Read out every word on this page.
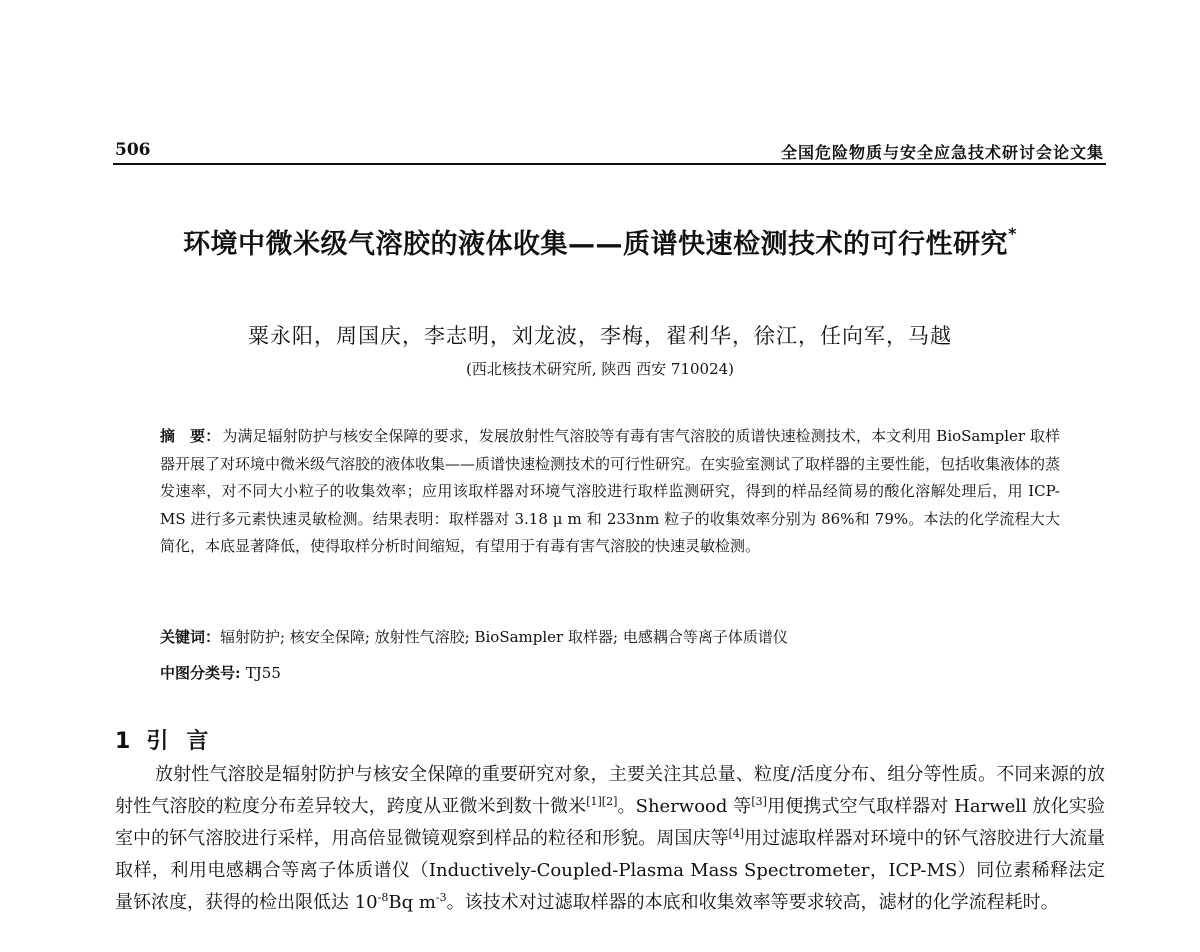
506	全国危险物质与安全应急技术研讨会论文集
环境中微米级气溶胶的液体收集——质谱快速检测技术的可行性研究*
粟永阳，周国庆，李志明，刘龙波，李梅，翟利华，徐江，任向军，马越
(西北核技术研究所, 陕西 西安 710024)
摘　要： 为满足辐射防护与核安全保障的要求，发展放射性气溶胶等有毒有害气溶胶的质谱快速检测技术，本文利用 BioSampler 取样器开展了对环境中微米级气溶胶的液体收集——质谱快速检测技术的可行性研究。在实验室测试了取样器的主要性能，包括收集液体的蒸发速率，对不同大小粒子的收集效率；应用该取样器对环境气溶胶进行取样监测研究，得到的样品经简易的酸化溶解处理后，用 ICP-MS 进行多元素快速灵敏检测。结果表明：取样器对 3.18 μ m 和 233nm 粒子的收集效率分别为 86%和 79%。本法的化学流程大大简化，本底显著降低，使得取样分析时间缩短，有望用于有毒有害气溶胶的快速灵敏检测。
关键词：辐射防护; 核安全保障; 放射性气溶胶; BioSampler 取样器; 电感耦合等离子体质谱仪
中图分类号: TJ55
1 引言
放射性气溶胶是辐射防护与核安全保障的重要研究对象，主要关注其总量、粒度/活度分布、组分等性质。不同来源的放射性气溶胶的粒度分布差异较大，跨度从亚微米到数十微米[1][2]。Sherwood 等[3]用便携式空气取样器对 Harwell 放化实验室中的钚气溶胶进行采样，用高倍显微镜观察到样品的粒径和形貌。周国庆等[4]用过滤取样器对环境中的钚气溶胶进行大流量取样，利用电感耦合等离子体质谱仪（Inductively-Coupled-Plasma Mass Spectrometer，ICP-MS）同位素稀释法定量钚浓度，获得的检出限低达 $10^{-8}Bq$ $m^{-3}$。该技术对过滤取样器的本底和收集效率等要求较高，滤材的化学流程耗时。
